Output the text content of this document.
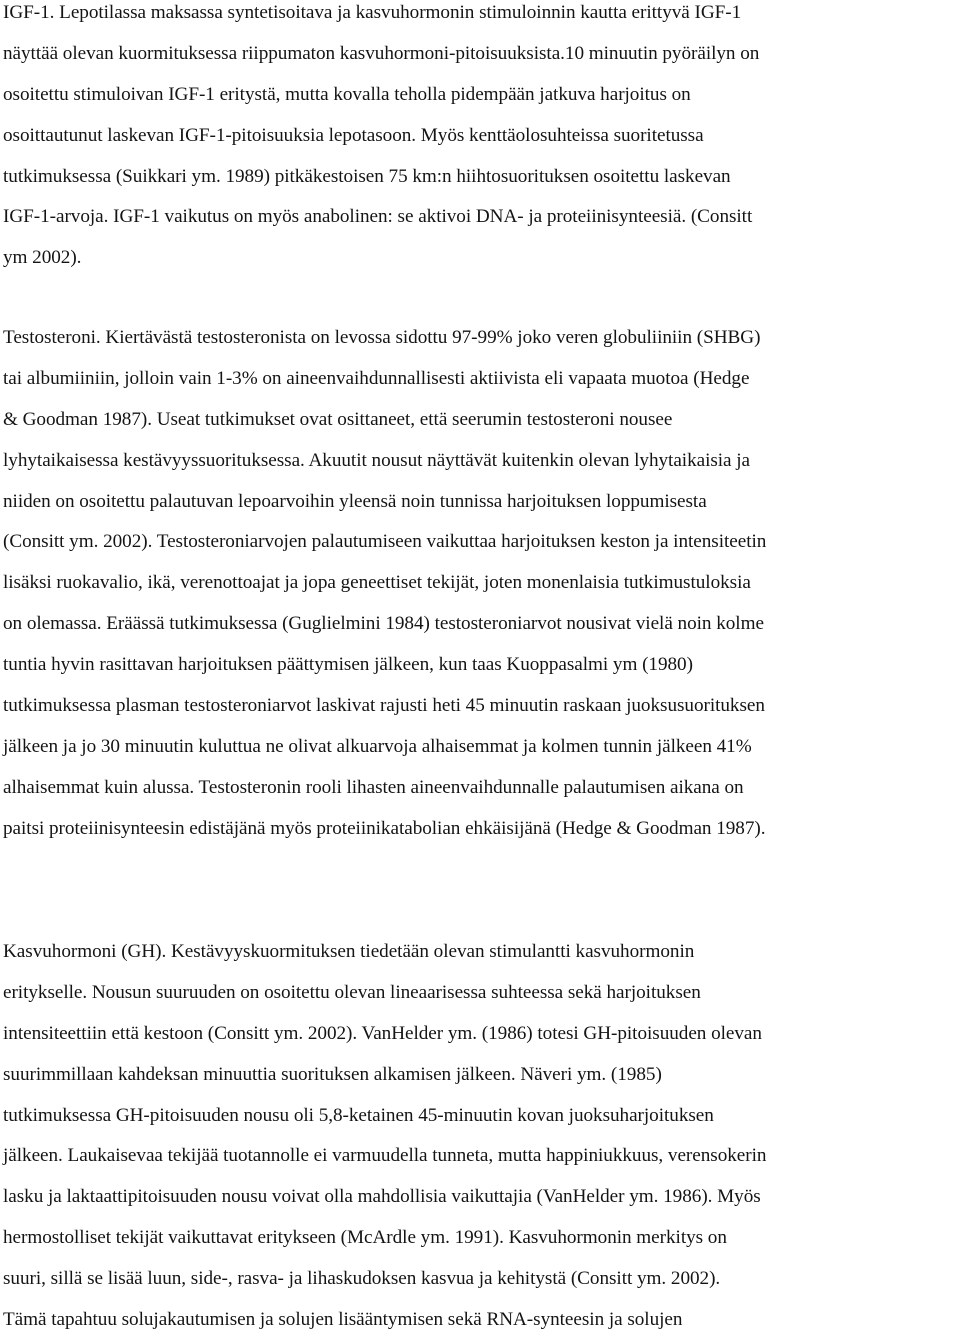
IGF-1. Lepotilassa maksassa syntetisoitava ja kasvuhormonin stimuloinnin kautta erittyvä IGF-1
näyttää olevan kuormituksessa riippumaton kasvuhormoni-pitoisuuksista.10 minuutin pyöräilyn on
osoitettu stimuloivan IGF-1 eritystä, mutta kovalla teholla pidempään jatkuva harjoitus on
osoittautunut laskevan IGF-1-pitoisuuksia lepotasoon. Myös kenttäolosuhteissa suoritetussa
tutkimuksessa (Suikkari ym. 1989) pitkäkestoisen 75 km:n hiihtosuorituksen osoitettu laskevan
IGF-1-arvoja. IGF-1 vaikutus on myös anabolinen: se aktivoi DNA- ja proteiinisynteesiä. (Consitt
ym 2002).
Testosteroni. Kiertävästä testosteronista on levossa sidottu 97-99% joko veren globuliiniin (SHBG)
tai albumiiniin, jolloin vain 1-3% on aineenvaihdunnallisesti aktiivista eli vapaata muotoa (Hedge
& Goodman 1987). Useat tutkimukset ovat osittaneet, että seerumin testosteroni nousee
lyhytaikaisessa kestävyyssuorituksessa. Akuutit nousut näyttävät kuitenkin olevan lyhytaikaisia ja
niiden on osoitettu palautuvan lepoarvoihin yleensä noin tunnissa harjoituksen loppumisesta
(Consitt ym. 2002). Testosteroniarvojen palautumiseen vaikuttaa harjoituksen keston ja intensiteetin
lisäksi ruokavalio, ikä, verenottoajat ja jopa geneettiset tekijät, joten monenlaisia tutkimustuloksia
on olemassa. Eräässä tutkimuksessa (Guglielmini 1984) testosteroniarvot nousivat vielä noin kolme
tuntia hyvin rasittavan harjoituksen päättymisen jälkeen, kun taas Kuoppasalmi ym (1980)
tutkimuksessa plasman testosteroniarvot laskivat rajusti heti 45 minuutin raskaan juoksusuorituksen
jälkeen ja jo 30 minuutin kuluttua ne olivat alkuarvoja alhaisemmat ja kolmen tunnin jälkeen 41%
alhaisemmat kuin alussa. Testosteronin rooli lihasten aineenvaihdunnalle palautumisen aikana on
paitsi proteiinisynteesin edistäjänä myös proteiinikatabolian ehkäisijänä (Hedge & Goodman 1987).
Kasvuhormoni (GH). Kestävyyskuormituksen tiedetään olevan stimulantti kasvuhormonin
eritykselle. Nousun suuruuden on osoitettu olevan lineaarisessa suhteessa sekä harjoituksen
intensiteettiin että kestoon (Consitt ym. 2002). VanHelder ym. (1986) totesi GH-pitoisuuden olevan
suurimmillaan kahdeksan minuuttia suorituksen alkamisen jälkeen. Näveri ym. (1985)
tutkimuksessa GH-pitoisuuden nousu oli 5,8-ketainen 45-minuutin kovan juoksuharjoituksen
jälkeen. Laukaisevaa tekijää tuotannolle ei varmuudella tunneta, mutta happiniukkuus, verensokerin
lasku ja laktaattipitoisuuden nousu voivat olla mahdollisia vaikuttajia (VanHelder ym. 1986). Myös
hermostolliset tekijät vaikuttavat eritykseen (McArdle ym. 1991). Kasvuhormonin merkitys on
suuri, sillä se lisää luun, side-, rasva- ja lihaskudoksen kasvua ja kehitystä (Consitt ym. 2002).
Tämä tapahtuu solujakautumisen ja solujen lisääntymisen sekä RNA-synteesin ja solujen
